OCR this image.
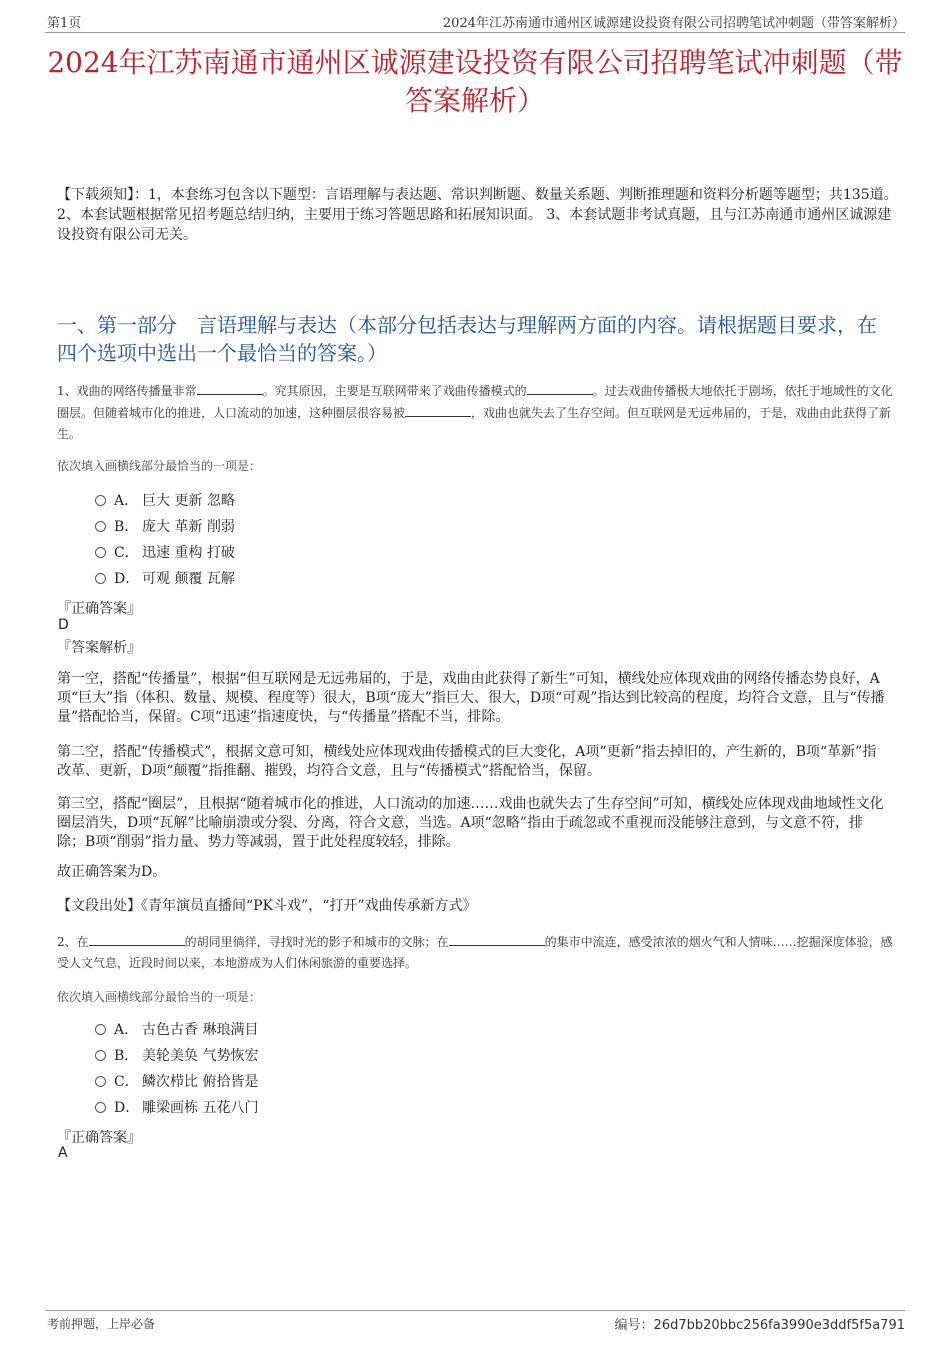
第1页	2024年江苏南通市通州区诚源建设投资有限公司招聘笔试冲刺题（带答案解析）
2024年江苏南通市通州区诚源建设投资有限公司招聘笔试冲刺题（带答案解析）
【下载须知】：1，本套练习包含以下题型：言语理解与表达题、常识判断题、数量关系题、判断推理题和资料分析题等题型；共135道。 2、本套试题根据常见招考题总结归纳，主要用于练习答题思路和拓展知识面。 3、本套试题非考试真题，且与江苏南通市通州区诚源建设投资有限公司无关。
一、第一部分　言语理解与表达（本部分包括表达与理解两方面的内容。请根据题目要求，在四个选项中选出一个最恰当的答案。）
1、戏曲的网络传播量非常	。究其原因，主要是互联网带来了戏曲传播模式的	。过去戏曲传播极大地依托于剧场，依托于地域性的文化圈层。但随着城市化的推进，人口流动的加速，这种圈层很容易被	，戏曲也就失去了生存空间。但互联网是无远弗届的，于是，戏曲由此获得了新生。
依次填入画横线部分最恰当的一项是：
A． 巨大 更新 忽略
B． 庞大 革新 削弱
C． 迅速 重构 打破
D． 可观 颠覆 瓦解
『正确答案』
D
『答案解析』
第一空，搭配“传播量”，根据“但互联网是无远弗届的，于是，戏曲由此获得了新生”可知，横线处应体现戏曲的网络传播态势良好，A项“巨大”指（体积、数量、规模、程度等）很大，B项“庞大”指巨大、很大，D项“可观”指达到比较高的程度，均符合文意，且与“传播量”搭配恰当，保留。C项“迅速”指速度快，与“传播量”搭配不当，排除。
第二空，搭配“传播模式”，根据文意可知，横线处应体现戏曲传播模式的巨大变化，A项“更新”指去掉旧的，产生新的，B项“革新”指改革、更新，D项“颠覆”指推翻、摧毁，均符合文意，且与“传播模式”搭配恰当，保留。
第三空，搭配“圈层”，且根据“随着城市化的推进，人口流动的加速……戏曲也就失去了生存空间”可知，横线处应体现戏曲地域性文化圈层消失，D项“瓦解”比喻崩溃或分裂、分离，符合文意，当选。A项“忽略”指由于疏忽或不重视而没能够注意到，与文意不符，排除；B项“削弱”指力量、势力等减弱，置于此处程度较轻，排除。
故正确答案为D。
【文段出处】《青年演员直播间“PK斗戏”，“打开”戏曲传承新方式》
2、在	的胡同里徜徉，寻找时光的影子和城市的文脉；在	的集市中流连，感受浓浓的烟火气和人情味……挖掘深度体验，感受人文气息，近段时间以来，本地游成为人们休闲旅游的重要选择。
依次填入画横线部分最恰当的一项是：
A． 古色古香 琳琅满目
B． 美轮美奂 气势恢宏
C． 鳞次栉比 俯拾皆是
D． 雕梁画栋 五花八门
『正确答案』
A
考前押题，上岸必备	编号：26d7bb20bbc256fa3990e3ddf5f5a791
